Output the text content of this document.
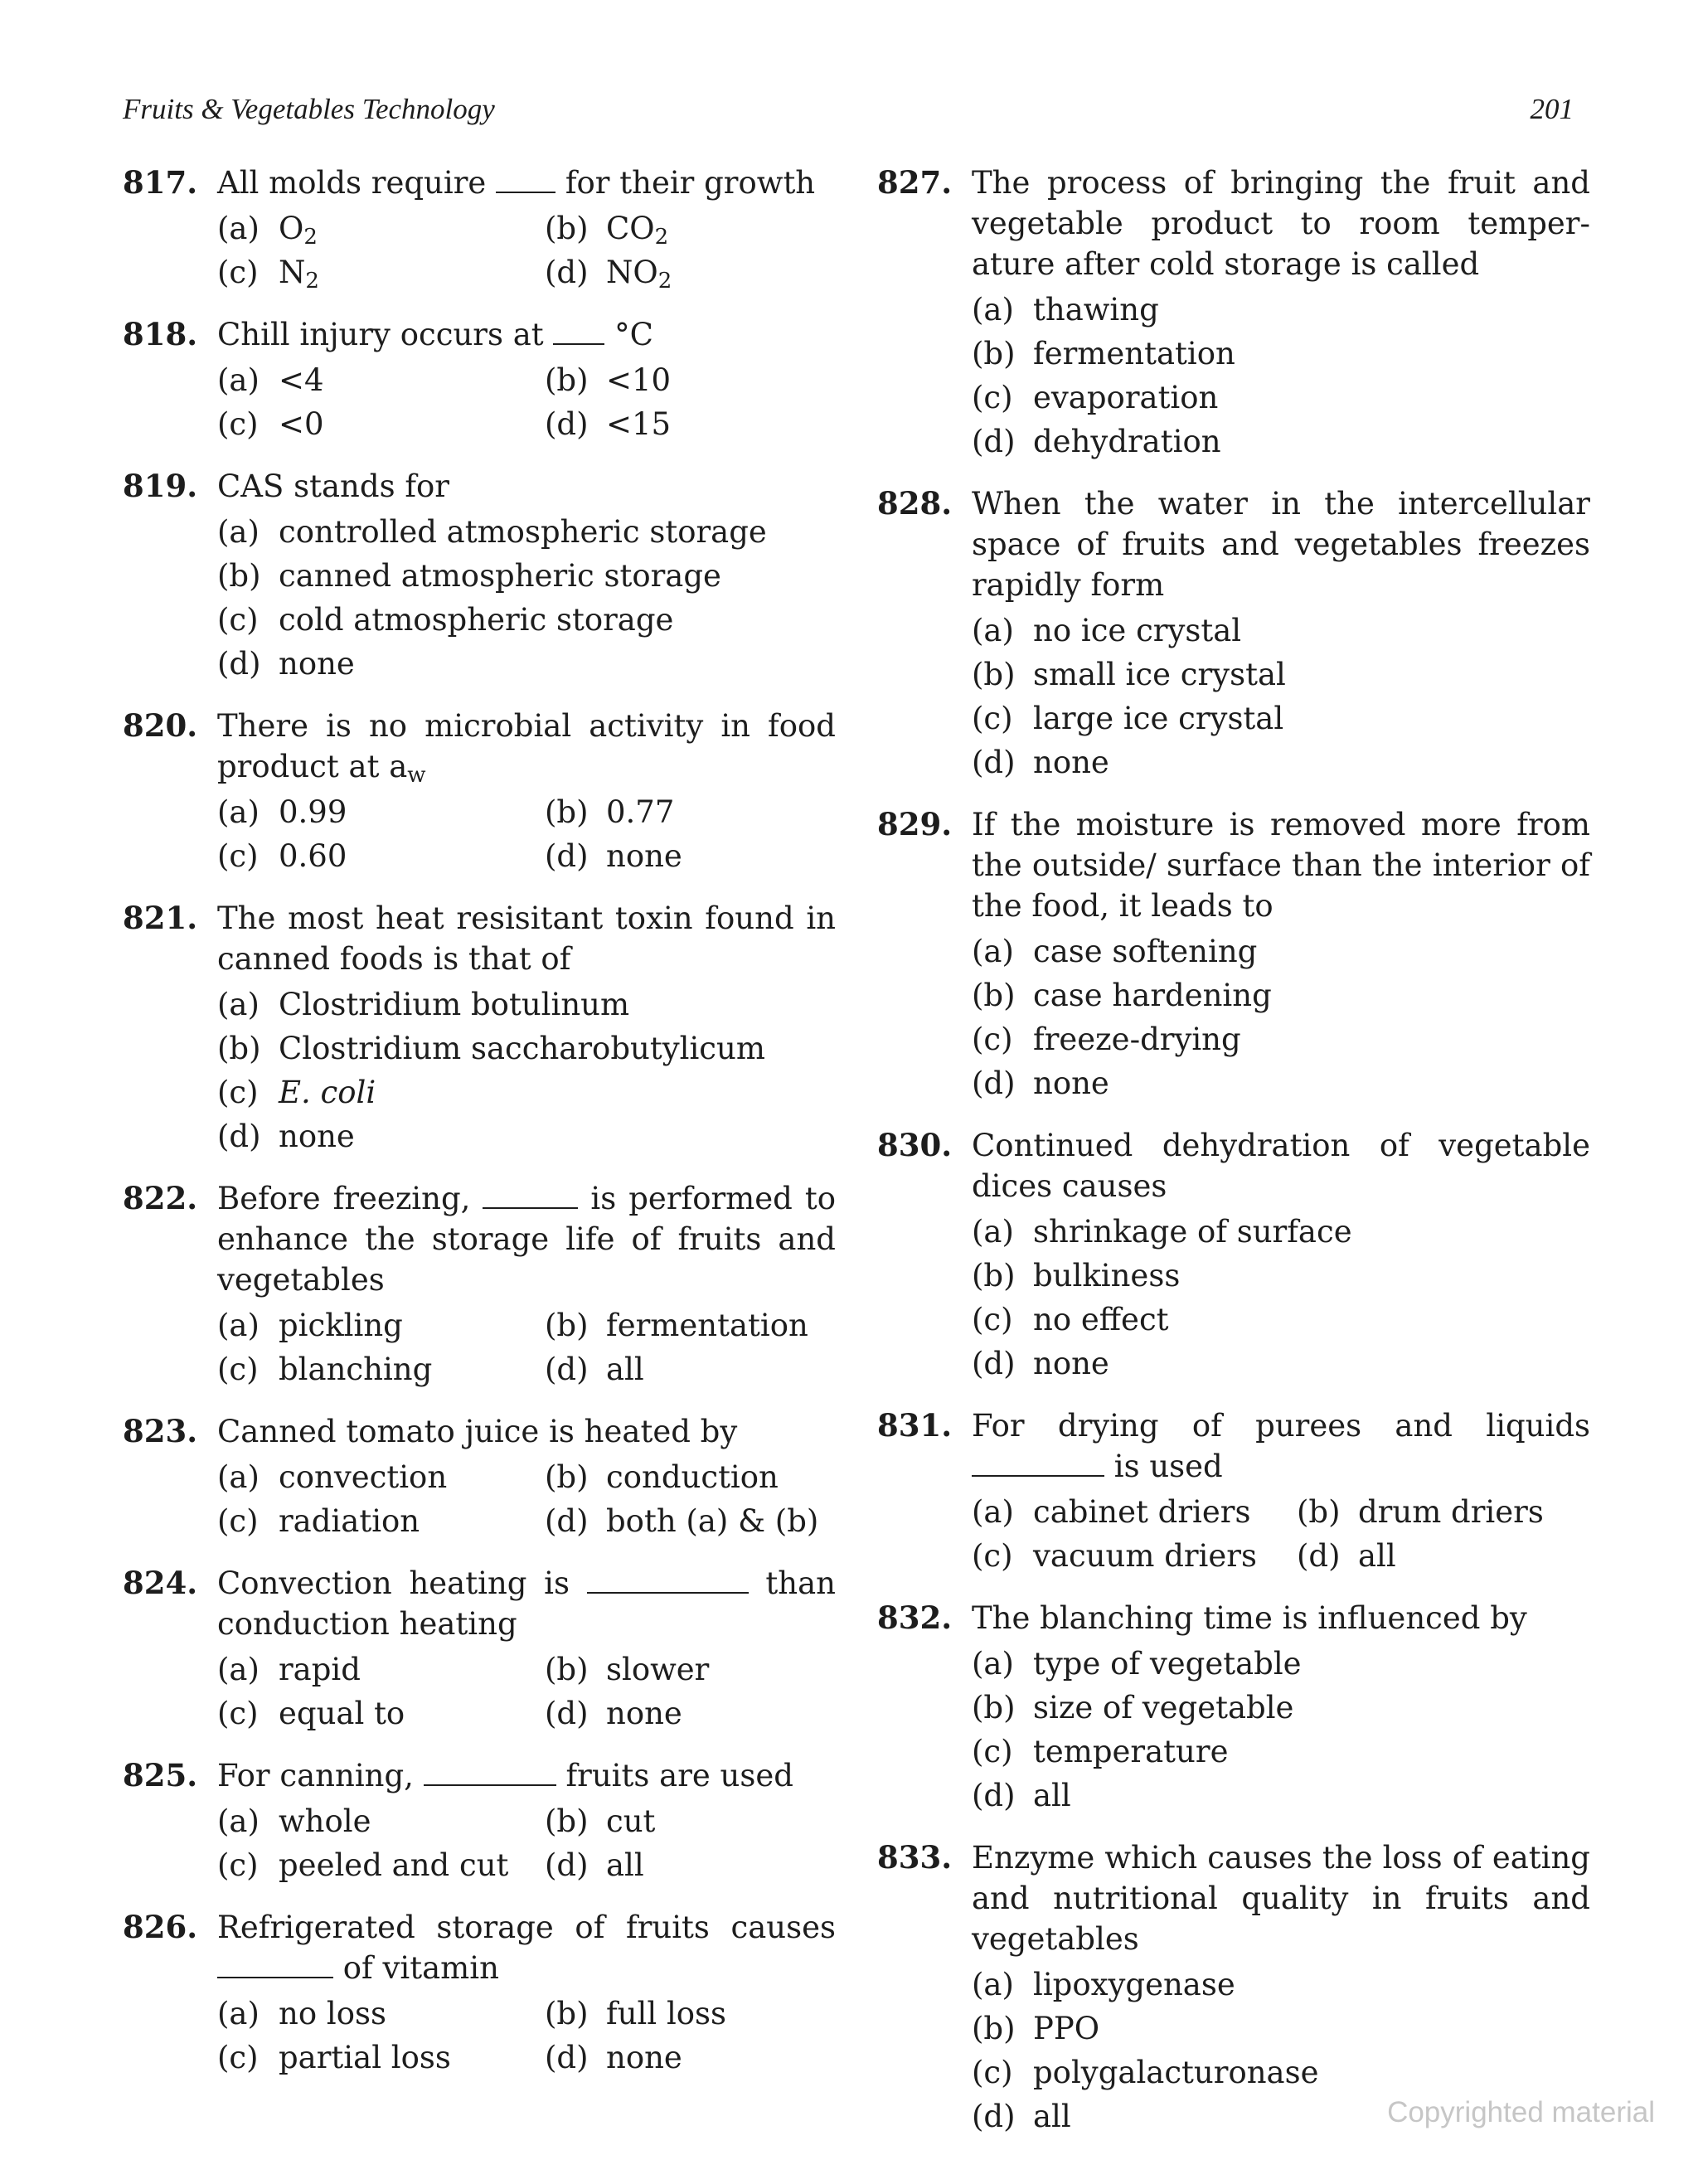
Fruits & Vegetables Technology	201
817. All molds require	for their growth
(a) $O_2$	(b) $CO_2$
(c) $N_2$	(d) $NO_2$
818. Chill injury occurs at °C
(a) <4	(b) <10
(c) <0	(d) <15
819. CAS stands for
(a) controlled atmospheric storage
(b) canned atmospheric storage
(c) cold atmospheric storage
(d) none
820. There is no microbial activity in food product at $a_w$
(a) 0.99	(b) 0.77
(c) 0.60	(d) none
821. The most heat resisitant toxin found in canned foods is that of
(a) Clostridium botulinum
(b) Clostridium saccharobutylicum
(c) E. coli
(d) none
822. Before freezing,	is performed to enhance the storage life of fruits and vegetables
(a) pickling	(b) fermentation
(c) blanching	(d) all
823. Canned tomato juice is heated by
(a) convection	(b) conduction
(c) radiation	(d) both (a) & (b)
824. Convection heating is	than conduction heating
(a) rapid	(b) slower
(c) equal to	(d) none
825. For canning,	fruits are used
(a) whole	(b) cut
(c) peeled and cut	(d) all
826. Refrigerated storage of fruits causes  of vitamin
(a) no loss	(b) full loss
(c) partial loss	(d) none
827. The process of bringing the fruit and vegetable product to room temper-ature after cold storage is called
(a) thawing
(b) fermentation
(c) evaporation
(d) dehydration
828. When the water in the intercellular space of fruits and vegetables freezes rapidly form
(a) no ice crystal
(b) small ice crystal
(c) large ice crystal
(d) none
829. If the moisture is removed more from the outside/ surface than the interior of the food, it leads to
(a) case softening
(b) case hardening
(c) freeze-drying
(d) none
830. Continued dehydration of vegetable dices causes
(a) shrinkage of surface
(b) bulkiness
(c) no effect
(d) none
831. For drying of purees and liquids  is used
(a) cabinet driers	(b) drum driers
(c) vacuum driers	(d) all
832. The blanching time is influenced by
(a) type of vegetable
(b) size of vegetable
(c) temperature
(d) all
833. Enzyme which causes the loss of eating and nutritional quality in fruits and vegetables
(a) lipoxygenase
(b) PPO
(c) polygalacturonase
(d) all	Copyrighted material
